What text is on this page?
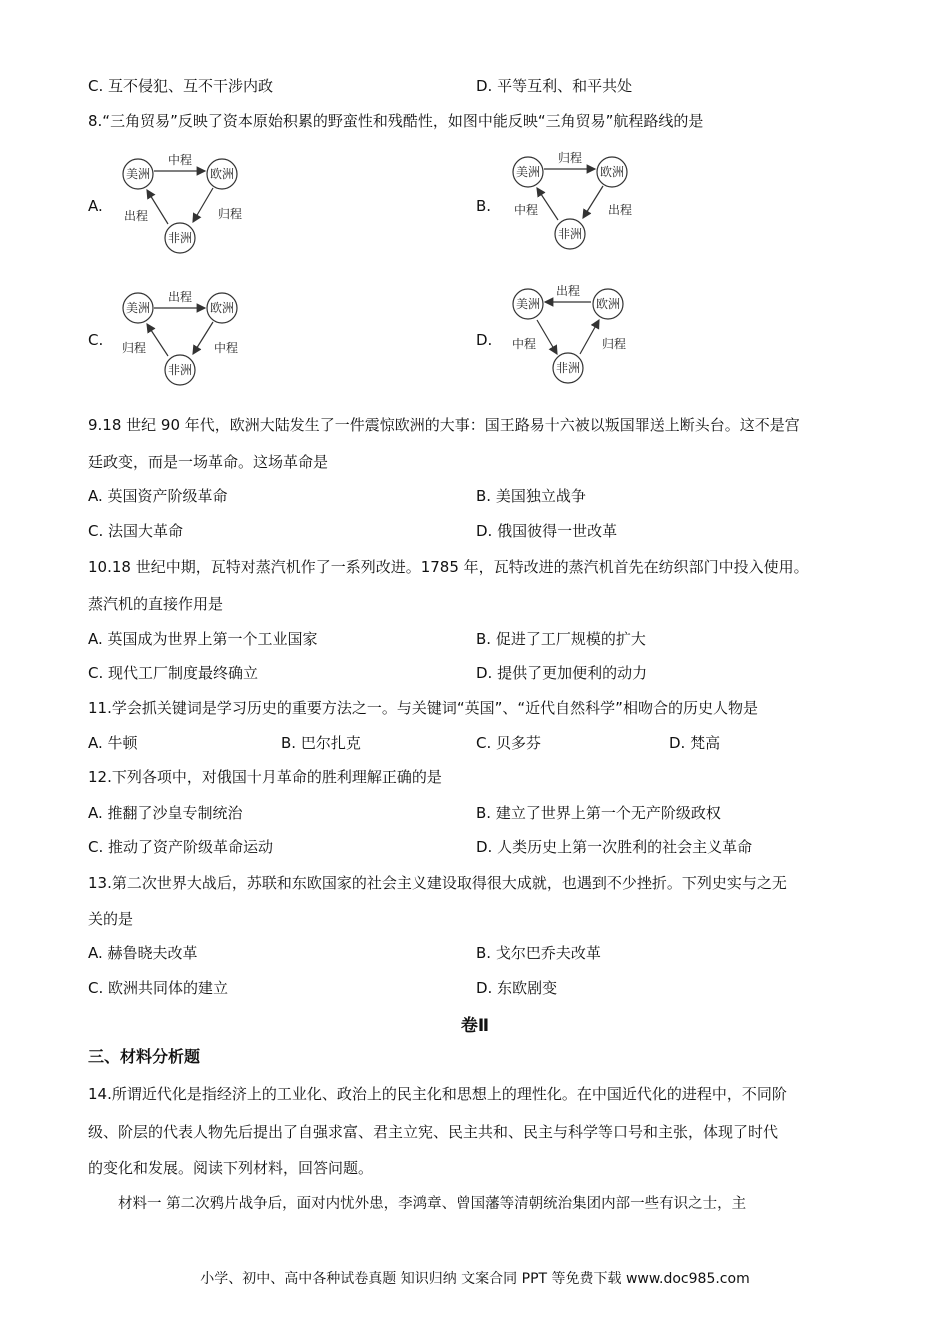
C. 互不侵犯、互不干涉内政	D. 平等互利、和平共处
8.“三角贸易”反映了资本原始积累的野蛮性和残酷性，如图中能反映“三角贸易”航程路线的是
A.
美洲	欧洲
非洲
中程
出程	归程	B.
美洲	欧洲
非洲
归程
中程	出程
C.
美洲	欧洲
非洲
出程
归程	中程	D.
美洲	欧洲
非洲
出程
中程	归程
9.18 世纪 90 年代，欧洲大陆发生了一件震惊欧洲的大事：国王路易十六被以叛国罪送上断头台。这不是宫
廷政变，而是一场革命。这场革命是
A. 英国资产阶级革命	B. 美国独立战争
C. 法国大革命	D. 俄国彼得一世改革
10.18 世纪中期，瓦特对蒸汽机作了一系列改进。1785 年，瓦特改进的蒸汽机首先在纺织部门中投入使用。
蒸汽机的直接作用是
A. 英国成为世界上第一个工业国家	B. 促进了工厂规模的扩大
C. 现代工厂制度最终确立	D. 提供了更加便利的动力
11.学会抓关键词是学习历史的重要方法之一。与关键词“英国”、“近代自然科学”相吻合的历史人物是
A. 牛顿	B. 巴尔扎克	C. 贝多芬	D. 梵高
12.下列各项中，对俄国十月革命的胜利理解正确的是
A. 推翻了沙皇专制统治	B. 建立了世界上第一个无产阶级政权
C. 推动了资产阶级革命运动	D. 人类历史上第一次胜利的社会主义革命
13.第二次世界大战后，苏联和东欧国家的社会主义建设取得很大成就，也遇到不少挫折。下列史实与之无
关的是
A. 赫鲁晓夫改革	B. 戈尔巴乔夫改革
C. 欧洲共同体的建立	D. 东欧剧变
卷Ⅱ
三、材料分析题
14.所谓近代化是指经济上的工业化、政治上的民主化和思想上的理性化。在中国近代化的进程中，不同阶
级、阶层的代表人物先后提出了自强求富、君主立宪、民主共和、民主与科学等口号和主张，体现了时代
的变化和发展。阅读下列材料，回答问题。
材料一 第二次鸦片战争后，面对内忧外患，李鸿章、曾国藩等清朝统治集团内部一些有识之士，主
小学、初中、高中各种试卷真题 知识归纳 文案合同 PPT 等免费下载 www.doc985.com
